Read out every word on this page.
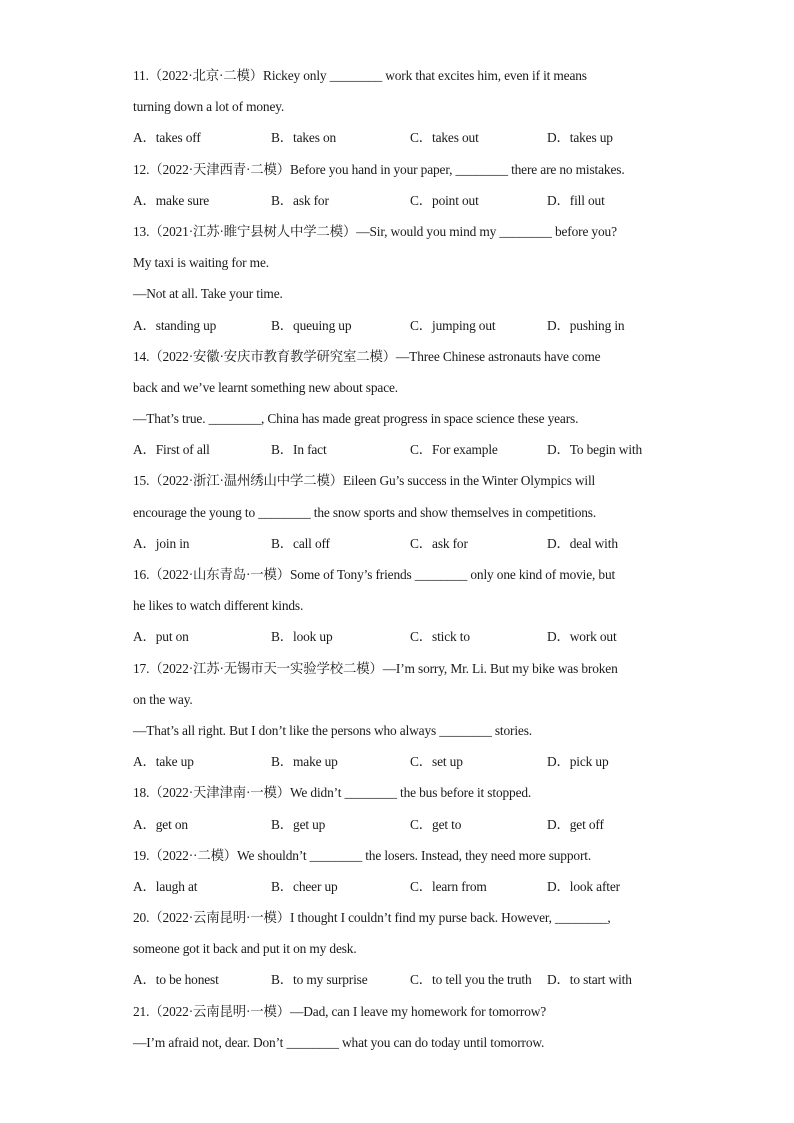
11.（2022·北京·二模）Rickey only ________ work that excites him, even if it means
turning down a lot of money.
A．takes off	B．takes on	C．takes out	D．takes up
12.（2022·天津西青·二模）Before you hand in your paper, ________ there are no mistakes.
A．make sure	B．ask for	C．point out	D．fill out
13.（2021·江苏·睢宁县树人中学二模）—Sir, would you mind my ________ before you?
My taxi is waiting for me.
—Not at all. Take your time.
A．standing up	B．queuing up	C．jumping out	D．pushing in
14.（2022·安徽·安庆市教育教学研究室二模）—Three Chinese astronauts have come
back and we’ve learnt something new about space.
—That’s true. ________, China has made great progress in space science these years.
A．First of all	B．In fact	C．For example	D．To begin with
15.（2022·浙江·温州绣山中学二模）Eileen Gu’s success in the Winter Olympics will
encourage the young to ________ the snow sports and show themselves in competitions.
A．join in	B．call off	C．ask for	D．deal with
16.（2022·山东青岛·一模）Some of Tony’s friends ________ only one kind of movie, but
he likes to watch different kinds.
A．put on	B．look up	C．stick to	D．work out
17.（2022·江苏·无锡市天一实验学校二模）—I’m sorry, Mr. Li. But my bike was broken
on the way.
—That’s all right. But I don’t like the persons who always ________ stories.
A．take up	B．make up	C．set up	D．pick up
18.（2022·天津津南·一模）We didn’t ________ the bus before it stopped.
A．get on	B．get up	C．get to	D．get off
19.（2022··二模）We shouldn’t ________ the losers. Instead, they need more support.
A．laugh at	B．cheer up	C．learn from	D．look after
20.（2022·云南昆明·一模）I thought I couldn’t find my purse back. However, ________,
someone got it back and put it on my desk.
A．to be honest	B．to my surprise	C．to tell you the truth D．to start with
21.（2022·云南昆明·一模）—Dad, can I leave my homework for tomorrow?
—I’m afraid not, dear. Don’t ________ what you can do today until tomorrow.
